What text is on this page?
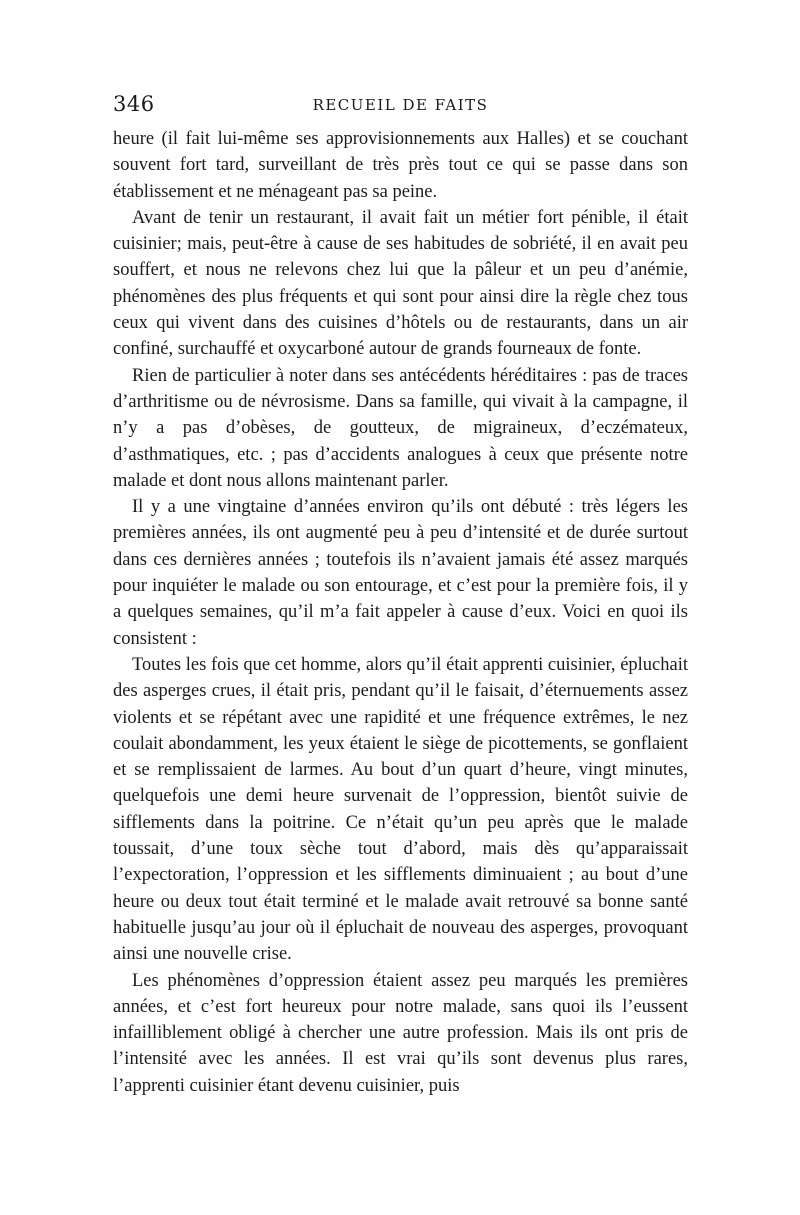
346	RECUEIL DE FAITS

heure (il fait lui-même ses approvisionnements aux Halles) et se couchant souvent fort tard, surveillant de très près tout ce qui se passe dans son établissement et ne ménageant pas sa peine.

Avant de tenir un restaurant, il avait fait un métier fort pénible, il était cuisinier; mais, peut-être à cause de ses habitudes de sobriété, il en avait peu souffert, et nous ne relevons chez lui que la pâleur et un peu d’anémie, phénomènes des plus fréquents et qui sont pour ainsi dire la règle chez tous ceux qui vivent dans des cuisines d’hôtels ou de restaurants, dans un air confiné, surchauffé et oxycarboné autour de grands fourneaux de fonte.

Rien de particulier à noter dans ses antécédents héréditaires : pas de traces d’arthritisme ou de névrosisme. Dans sa famille, qui vivait à la campagne, il n’y a pas d’obèses, de goutteux, de migraineux, d’eczémateux, d’asthmatiques, etc. ; pas d’accidents analogues à ceux que présente notre malade et dont nous allons maintenant parler.

Il y a une vingtaine d’années environ qu’ils ont débuté : très légers les premières années, ils ont augmenté peu à peu d’intensité et de durée surtout dans ces dernières années ; toutefois ils n’avaient jamais été assez marqués pour inquiéter le malade ou son entourage, et c’est pour la première fois, il y a quelques semaines, qu’il m’a fait appeler à cause d’eux. Voici en quoi ils consistent :

Toutes les fois que cet homme, alors qu’il était apprenti cuisinier, épluchait des asperges crues, il était pris, pendant qu’il le faisait, d’éternuements assez violents et se répétant avec une rapidité et une fréquence extrêmes, le nez coulait abondamment, les yeux étaient le siège de picottements, se gonflaient et se remplissaient de larmes. Au bout d’un quart d’heure, vingt minutes, quelquefois une demi heure survenait de l’oppression, bientôt suivie de sifflements dans la poitrine. Ce n’était qu’un peu après que le malade toussait, d’une toux sèche tout d’abord, mais dès qu’apparaissait l’expectoration, l’oppression et les sifflements diminuaient ; au bout d’une heure ou deux tout était terminé et le malade avait retrouvé sa bonne santé habituelle jusqu’au jour où il épluchait de nouveau des asperges, provoquant ainsi une nouvelle crise.

Les phénomènes d’oppression étaient assez peu marqués les premières années, et c’est fort heureux pour notre malade, sans quoi ils l’eussent infailliblement obligé à chercher une autre profession. Mais ils ont pris de l’intensité avec les années. Il est vrai qu’ils sont devenus plus rares, l’apprenti cuisinier étant devenu cuisinier, puis
